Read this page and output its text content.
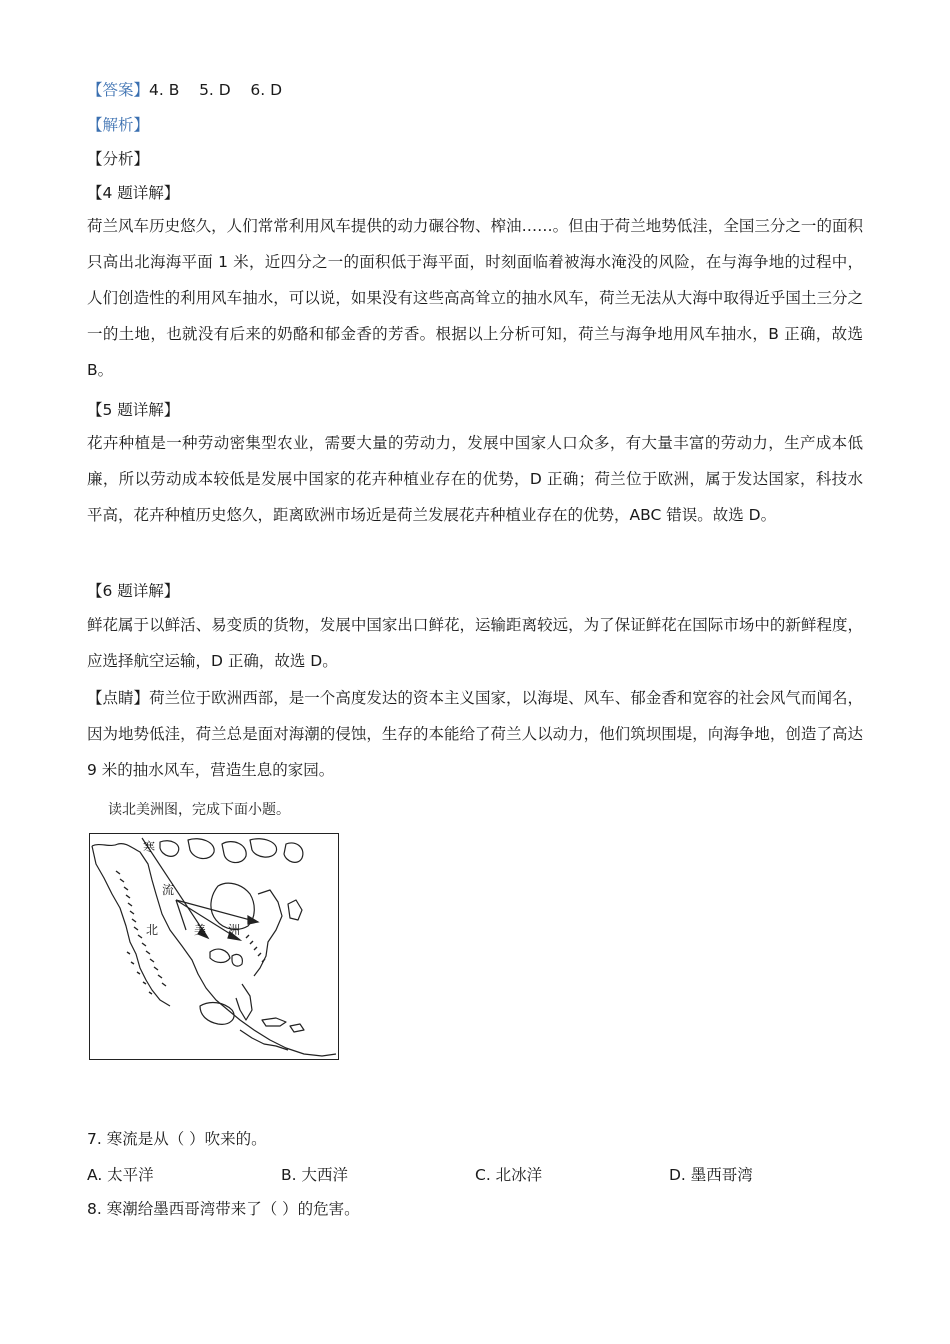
【答案】4. B    5. D    6. D
【解析】
【分析】
【4 题详解】
荷兰风车历史悠久，人们常常利用风车提供的动力碾谷物、榨油……。但由于荷兰地势低洼，全国三分之一的面积只高出北海海平面 1 米，近四分之一的面积低于海平面，时刻面临着被海水淹没的风险，在与海争地的过程中，人们创造性的利用风车抽水，可以说，如果没有这些高高耸立的抽水风车，荷兰无法从大海中取得近乎国土三分之一的土地，也就没有后来的奶酪和郁金香的芳香。根据以上分析可知，荷兰与海争地用风车抽水，B 正确，故选 B。
【5 题详解】
花卉种植是一种劳动密集型农业，需要大量的劳动力，发展中国家人口众多，有大量丰富的劳动力，生产成本低廉，所以劳动成本较低是发展中国家的花卉种植业存在的优势，D 正确；荷兰位于欧洲，属于发达国家，科技水平高，花卉种植历史悠久，距离欧洲市场近是荷兰发展花卉种植业存在的优势，ABC 错误。故选 D。
【6 题详解】
鲜花属于以鲜活、易变质的货物，发展中国家出口鲜花，运输距离较远，为了保证鲜花在国际市场中的新鲜程度，应选择航空运输，D 正确，故选 D。
【点睛】荷兰位于欧洲西部，是一个高度发达的资本主义国家，以海堤、风车、郁金香和宽容的社会风气而闻名，因为地势低洼，荷兰总是面对海潮的侵蚀，生存的本能给了荷兰人以动力，他们筑坝围堤，向海争地，创造了高达 9 米的抽水风车，营造生息的家园。
读北美洲图，完成下面小题。
寒
流
北	美 洲
7. 寒流是从（ ）吹来的。
A. 太平洋	B. 大西洋	C. 北冰洋	D. 墨西哥湾
8. 寒潮给墨西哥湾带来了（ ）的危害。
